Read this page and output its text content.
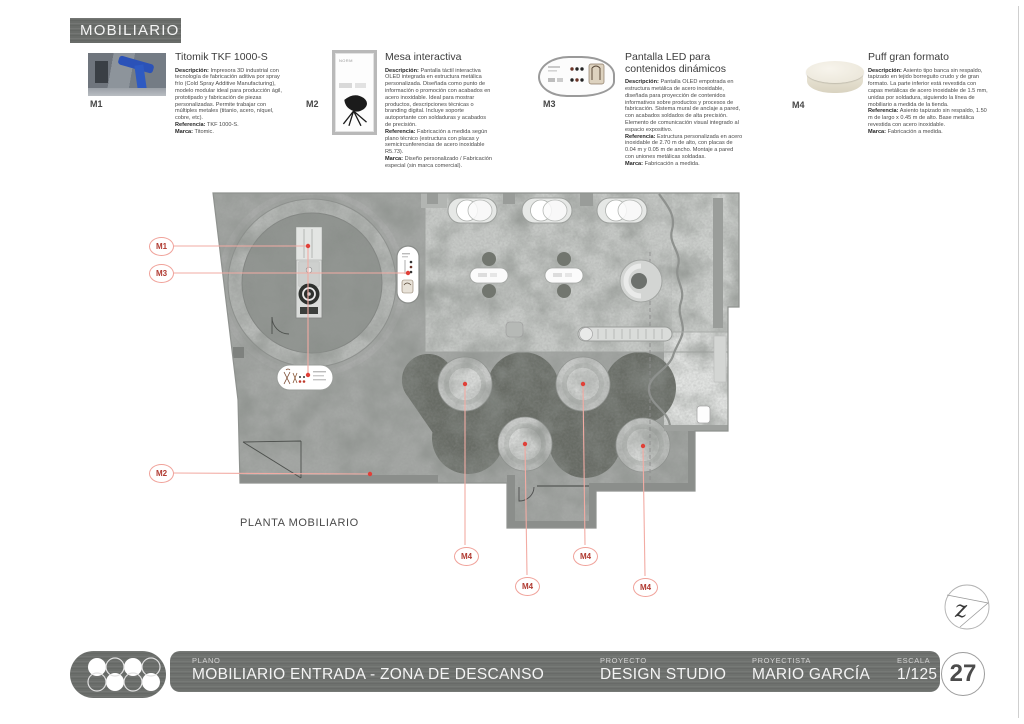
MOBILIARIO
M1

Titomik TKF 1000-S

Descripción: Impresora 3D industrial con tecnología de fabricación aditiva por spray frío (Cold Spray Additive Manufacturing), modelo modular ideal para producción ágil, prototipado y fabricación de piezas personalizadas. Permite trabajar con múltiples metales (titanio, acero, níquel, cobre, etc).

Referencia: TKF 1000-S.

Marca: Titomic.

NORM
M2

Mesa interactiva

Descripción: Pantalla táctil interactiva OLED integrada en estructura metálica personalizada. Diseñada como punto de información o promoción con acabados en acero inoxidable. Ideal para mostrar productos, descripciones técnicas o branding digital. Incluye soporte autoportante con soldaduras y acabados de precisión.

Referencia: Fabricación a medida según plano técnico (estructura con placas y semicircunferencias de acero inoxidable R5.73).

Marca: Diseño personalizado / Fabricación especial (sin marca comercial).

M3

Pantalla LED para contenidos dinámicos

Descripción: Pantalla OLED empotrada en estructura metálica de acero inoxidable, diseñada para proyección de contenidos informativos sobre productos y procesos de fabricación. Sistema mural de anclaje a pared, con acabados soldados de alta precisión. Elemento de comunicación visual integrado al espacio expositivo.

Referencia: Estructura personalizada en acero inoxidable de 2.70 m de alto, con placas de 0.04 m y 0.05 m de ancho. Montaje a pared con uniones metálicas soldadas.

Marca: Fabricación a medida.

M4

Puff gran formato

Descripción: Asiento tipo banca sin respaldo, tapizado en tejido borreguito crudo y de gran formato. La parte inferior está revestida con capas metálicas de acero inoxidable de 1.5 mm, unidas por soldadura, siguiendo la línea de mobiliario a medida de la tienda.

Referencia: Asiento tapizado sin respaldo, 1.50 m de largo x 0.45 m de alto. Base metálica revestida con acero inoxidable.

Marca: Fabricación a medida.

M1
M3
M2
M4	M4
M4	M4
PLANTA MOBILIARIO
z
PLANO
MOBILIARIO ENTRADA - ZONA DE DESCANSO
PROYECTO
DESIGN STUDIO
PROYECTISTA
MARIO GARCÍA
ESCALA
1/125 27
